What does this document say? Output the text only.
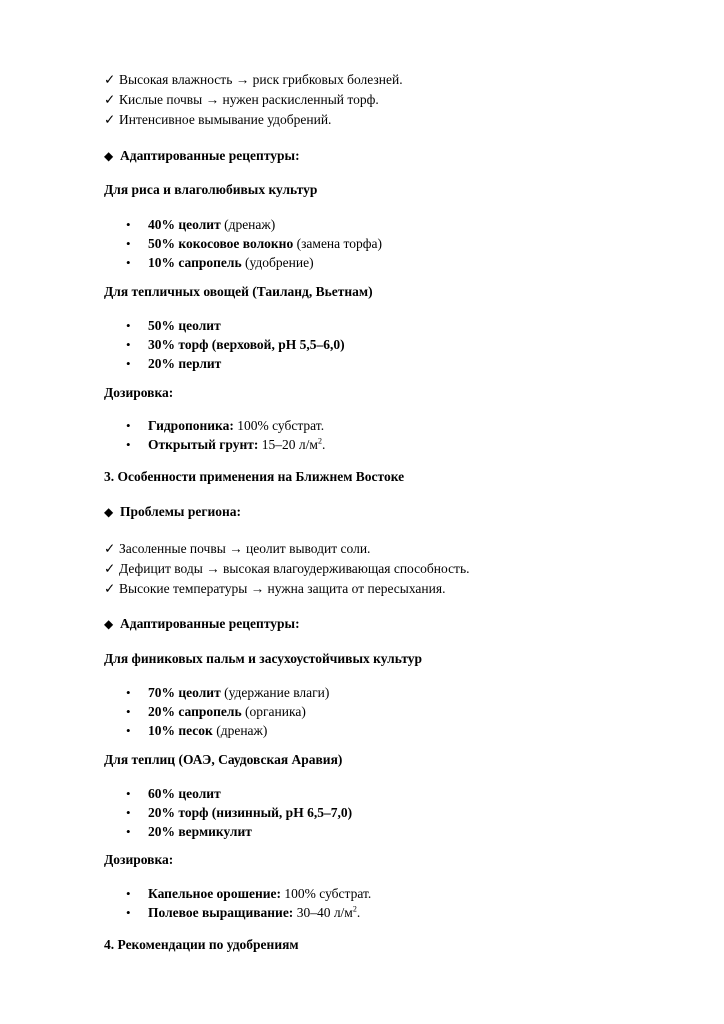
✓ Высокая влажность → риск грибковых болезней.
✓ Кислые почвы → нужен раскисленный торф.
✓ Интенсивное вымывание удобрений.
◆ Адаптированные рецептуры:
Для риса и влаголюбивых культур
• 40% цеолит (дренаж)
• 50% кокосовое волокно (замена торфа)
• 10% сапропель (удобрение)
Для тепличных овощей (Таиланд, Вьетнам)
• 50% цеолит
• 30% торф (верховой, pH 5,5–6,0)
• 20% перлит
Дозировка:
• Гидропоника: 100% субстрат.
• Открытый грунт: 15–20 $л/м^2$.
3. Особенности применения на Ближнем Востоке
◆ Проблемы региона:
✓ Засоленные почвы → цеолит выводит соли.
✓ Дефицит воды → высокая влагоудерживающая способность.
✓ Высокие температуры → нужна защита от пересыхания.
◆ Адаптированные рецептуры:
Для финиковых пальм и засухоустойчивых культур
• 70% цеолит (удержание влаги)
• 20% сапропель (органика)
• 10% песок (дренаж)
Для теплиц (ОАЭ, Саудовская Аравия)
• 60% цеолит
• 20% торф (низинный, pH 6,5–7,0)
• 20% вермикулит
Дозировка:
• Капельное орошение: 100% субстрат.
• Полевое выращивание: 30–40 $л/м^2$.
4. Рекомендации по удобрениям
